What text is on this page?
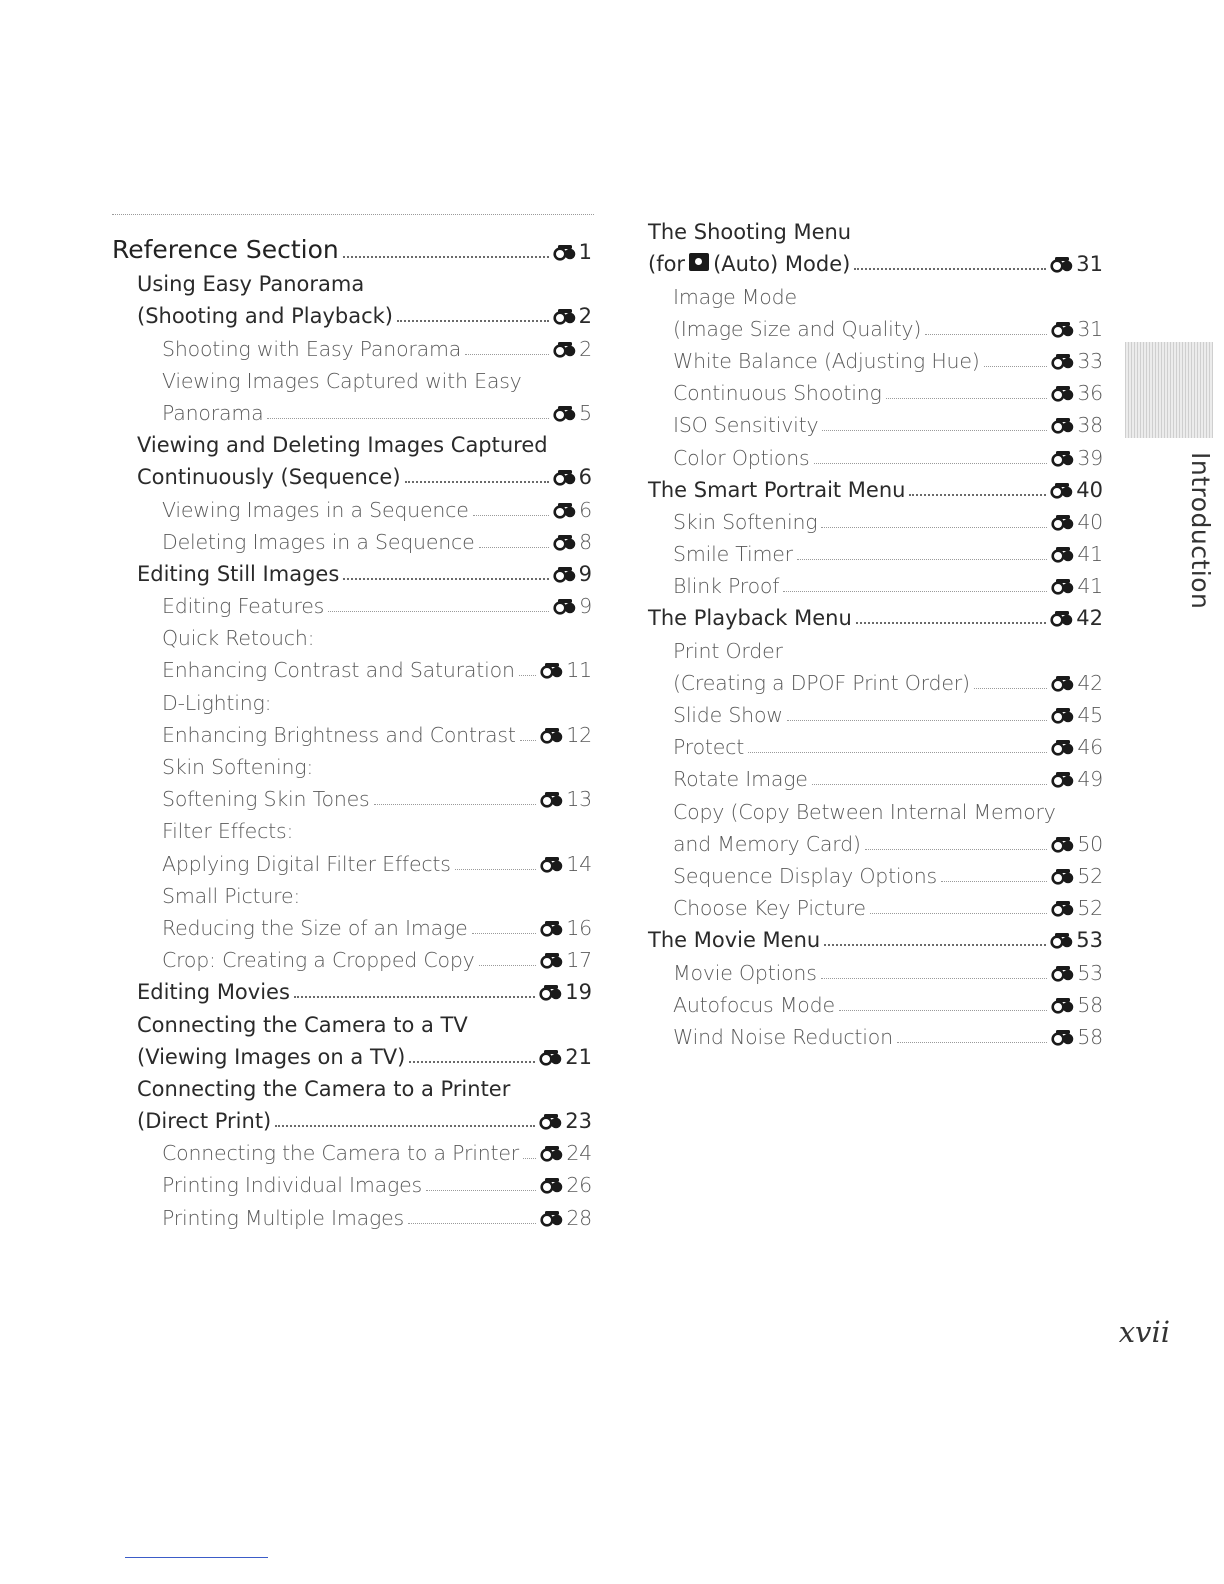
Reference Section	1
Using Easy Panorama
(Shooting and Playback)	2
Shooting with Easy Panorama	2
Viewing Images Captured with Easy
Panorama	5
Viewing and Deleting Images Captured
Continuously (Sequence)	6
Viewing Images in a Sequence	6
Deleting Images in a Sequence	8
Editing Still Images	9
Editing Features	9
Quick Retouch:
Enhancing Contrast and Saturation	11
D-Lighting:
Enhancing Brightness and Contrast 12
Skin Softening:
Softening Skin Tones	13
Filter Effects:
Applying Digital Filter Effects	14
Small Picture:
Reducing the Size of an Image	16
Crop: Creating a Cropped Copy	17
Editing Movies	19
Connecting the Camera to a TV
(Viewing Images on a TV)	21
Connecting the Camera to a Printer
(Direct Print)	23
Connecting the Camera to a Printer 24
Printing Individual Images	26
Printing Multiple Images	28
The Shooting Menu
(for (Auto) Mode)	31
Image Mode
(Image Size and Quality)	31
White Balance (Adjusting Hue)	33
Continuous Shooting	36
ISO Sensitivity	38
Color Options	39
The Smart Portrait Menu	40
Skin Softening	40
Smile Timer	41
Blink Proof	41
The Playback Menu	42
Print Order
(Creating a DPOF Print Order)	42
Slide Show	45
Protect	46
Rotate Image	49
Copy (Copy Between Internal Memory
and Memory Card)	50
Sequence Display Options	52
Choose Key Picture	52
The Movie Menu	53
Movie Options	53
Autofocus Mode	58
Wind Noise Reduction	58
Introduction
xvii
